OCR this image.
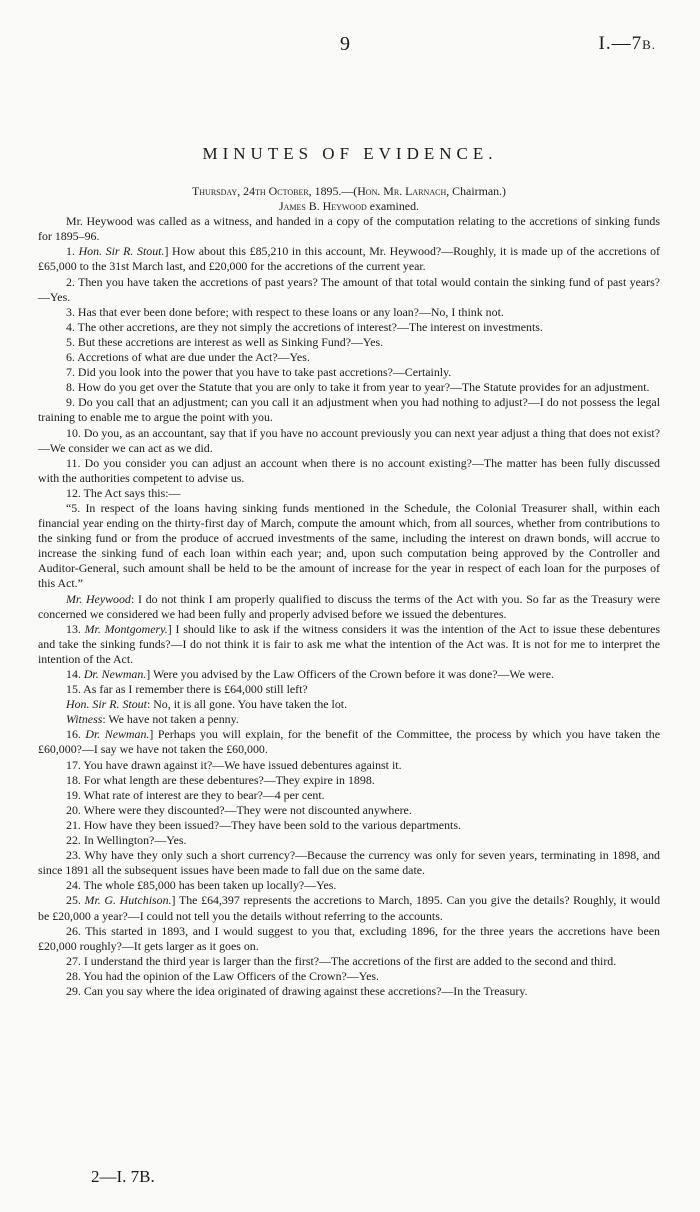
9	I.—7B.
MINUTES OF EVIDENCE.

Thursday, 24th October, 1895.—(Hon. Mr. Larnach, Chairman.)

James B. Heywood examined.

Mr. Heywood was called as a witness, and handed in a copy of the computation relating to the accretions of sinking funds for 1895–96.

1. Hon. Sir R. Stout.] How about this £85,210 in this account, Mr. Heywood?—Roughly, it is made up of the accretions of £65,000 to the 31st March last, and £20,000 for the accretions of the current year.

2. Then you have taken the accretions of past years? The amount of that total would contain the sinking fund of past years?—Yes.

3. Has that ever been done before; with respect to these loans or any loan?—No, I think not.

4. The other accretions, are they not simply the accretions of interest?—The interest on investments.

5. But these accretions are interest as well as Sinking Fund?—Yes.

6. Accretions of what are due under the Act?—Yes.

7. Did you look into the power that you have to take past accretions?—Certainly.

8. How do you get over the Statute that you are only to take it from year to year?—The Statute provides for an adjustment.

9. Do you call that an adjustment; can you call it an adjustment when you had nothing to adjust?—I do not possess the legal training to enable me to argue the point with you.

10. Do you, as an accountant, say that if you have no account previously you can next year adjust a thing that does not exist?—We consider we can act as we did.

11. Do you consider you can adjust an account when there is no account existing?—The matter has been fully discussed with the authorities competent to advise us.

12. The Act says this:—

“5. In respect of the loans having sinking funds mentioned in the Schedule, the Colonial Treasurer shall, within each financial year ending on the thirty-first day of March, compute the amount which, from all sources, whether from contributions to the sinking fund or from the produce of accrued investments of the same, including the interest on drawn bonds, will accrue to increase the sinking fund of each loan within each year; and, upon such computation being approved by the Controller and Auditor-General, such amount shall be held to be the amount of increase for the year in respect of each loan for the purposes of this Act.”

Mr. Heywood: I do not think I am properly qualified to discuss the terms of the Act with you. So far as the Treasury were concerned we considered we had been fully and properly advised before we issued the debentures.

13. Mr. Montgomery.] I should like to ask if the witness considers it was the intention of the Act to issue these debentures and take the sinking funds?—I do not think it is fair to ask me what the intention of the Act was. It is not for me to interpret the intention of the Act.

14. Dr. Newman.] Were you advised by the Law Officers of the Crown before it was done?—We were.

15. As far as I remember there is £64,000 still left?

Hon. Sir R. Stout: No, it is all gone. You have taken the lot.

Witness: We have not taken a penny.

16. Dr. Newman.] Perhaps you will explain, for the benefit of the Committee, the process by which you have taken the £60,000?—I say we have not taken the £60,000.

17. You have drawn against it?—We have issued debentures against it.

18. For what length are these debentures?—They expire in 1898.

19. What rate of interest are they to bear?—4 per cent.

20. Where were they discounted?—They were not discounted anywhere.

21. How have they been issued?—They have been sold to the various departments.

22. In Wellington?—Yes.

23. Why have they only such a short currency?—Because the currency was only for seven years, terminating in 1898, and since 1891 all the subsequent issues have been made to fall due on the same date.

24. The whole £85,000 has been taken up locally?—Yes.

25. Mr. G. Hutchison.] The £64,397 represents the accretions to March, 1895. Can you give the details? Roughly, it would be £20,000 a year?—I could not tell you the details without referring to the accounts.

26. This started in 1893, and I would suggest to you that, excluding 1896, for the three years the accretions have been £20,000 roughly?—It gets larger as it goes on.

27. I understand the third year is larger than the first?—The accretions of the first are added to the second and third.

28. You had the opinion of the Law Officers of the Crown?—Yes.

29. Can you say where the idea originated of drawing against these accretions?—In the Treasury.

2—I. 7B.
